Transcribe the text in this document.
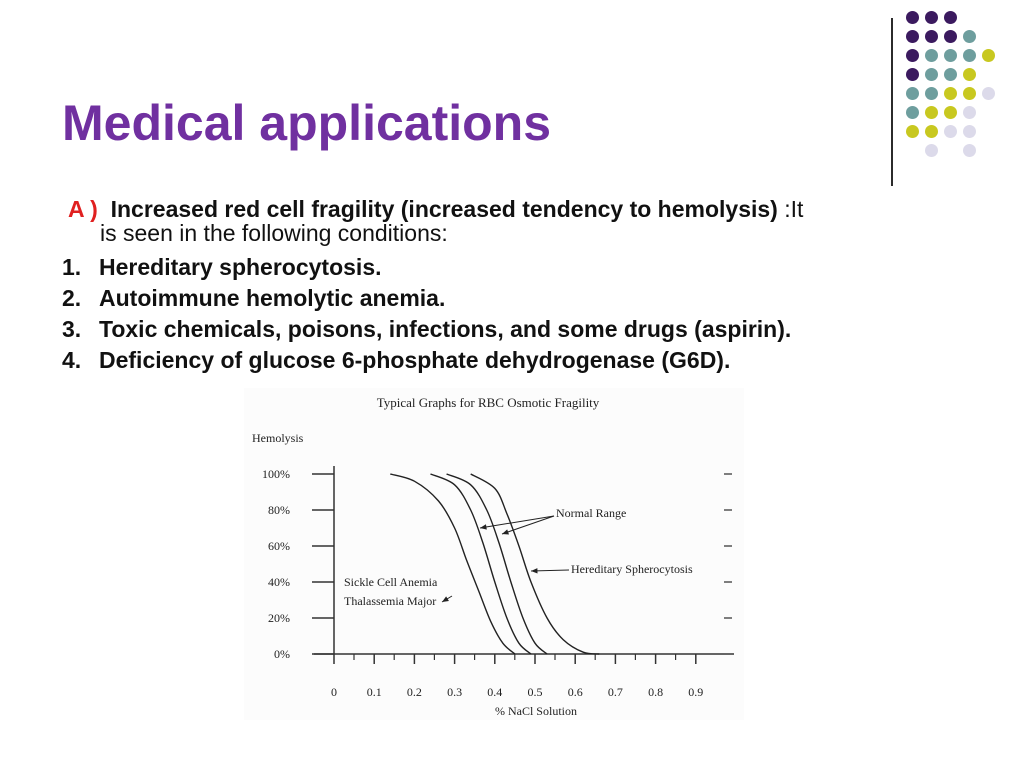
Medical applications
A ) Increased red cell fragility (increased tendency to hemolysis) :It
is seen in the following conditions:
1. Hereditary spherocytosis.
2. Autoimmune hemolytic anemia.
3. Toxic chemicals, poisons, infections, and some drugs (aspirin).
4. Deficiency of glucose 6-phosphate dehydrogenase (G6D).
Typical Graphs for RBC Osmotic Fragility
Hemolysis
% NaCl Solution
0%
20%
40%
60%
80%
100%
0 0.1 0.2 0.3 0.4 0.5 0.6 0.7 0.8 0.9
Normal Range
Hereditary Spherocytosis
Sickle Cell Anemia
Thalassemia Major
